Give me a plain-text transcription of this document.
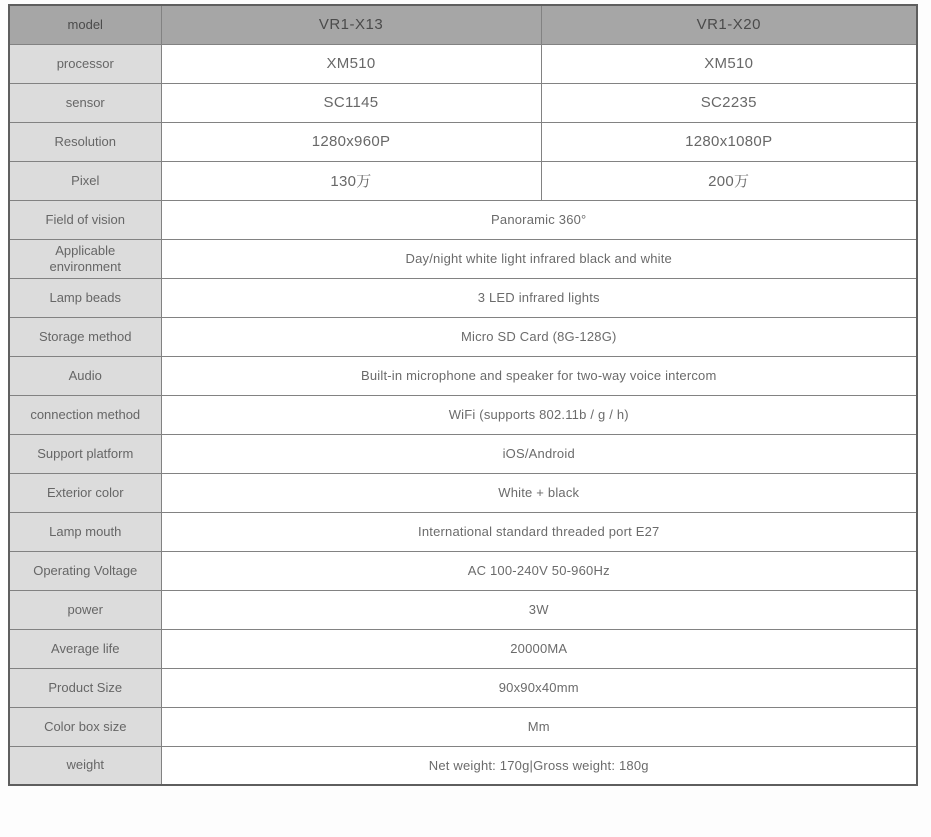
model	VR1-X13	VR1-X20
processor	XM510	XM510
sensor	SC1145	SC2235
Resolution	1280x960P	1280x1080P
Pixel	130万	200万
Field of vision	Panoramic 360°	
Applicable environment	Day/night white light infrared black and white	
Lamp beads	3 LED infrared lights	
Storage method	Micro SD Card (8G-128G)	
Audio	Built-in microphone and speaker for two-way voice intercom	
connection method	WiFi (supports 802.11b / g / h)	
Support platform	iOS/Android	
Exterior color	White + black	
Lamp mouth	International standard threaded port E27	
Operating Voltage	AC 100-240V 50-960Hz	
power	3W	
Average life	20000MA	
Product Size	90x90x40mm	
Color box size	Mm	
weight	Net weight: 170g|Gross weight: 180g	
